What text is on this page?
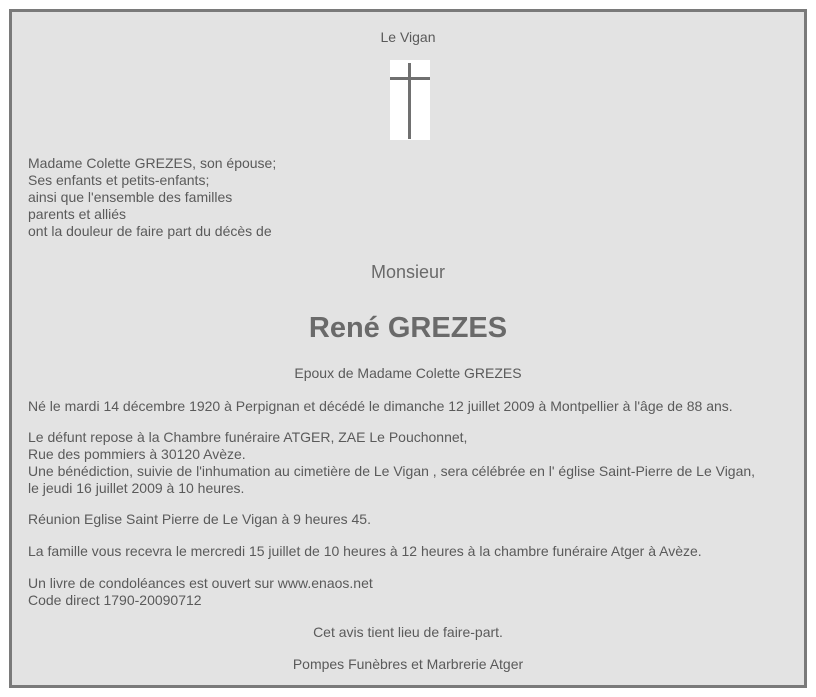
Le Vigan
Madame Colette GREZES, son épouse;
Ses enfants et petits-enfants;
ainsi que l'ensemble des familles
parents et alliés
ont la douleur de faire part du décès de
Monsieur
René GREZES
Epoux de Madame Colette GREZES
Né le mardi 14 décembre 1920 à Perpignan et décédé le dimanche 12 juillet 2009 à Montpellier à l'âge de 88 ans.
Le défunt repose à la Chambre funéraire ATGER, ZAE Le Pouchonnet,
Rue des pommiers à 30120 Avèze.
Une bénédiction, suivie de l'inhumation au cimetière de Le Vigan , sera célébrée en l' église Saint-Pierre de Le Vigan,
le jeudi 16 juillet 2009 à 10 heures.
Réunion Eglise Saint Pierre de Le Vigan à 9 heures 45.
La famille vous recevra le mercredi 15 juillet de 10 heures à 12 heures à la chambre funéraire Atger à Avèze.
Un livre de condoléances est ouvert sur www.enaos.net
Code direct 1790-20090712
Cet avis tient lieu de faire-part.
Pompes Funèbres et Marbrerie Atger
